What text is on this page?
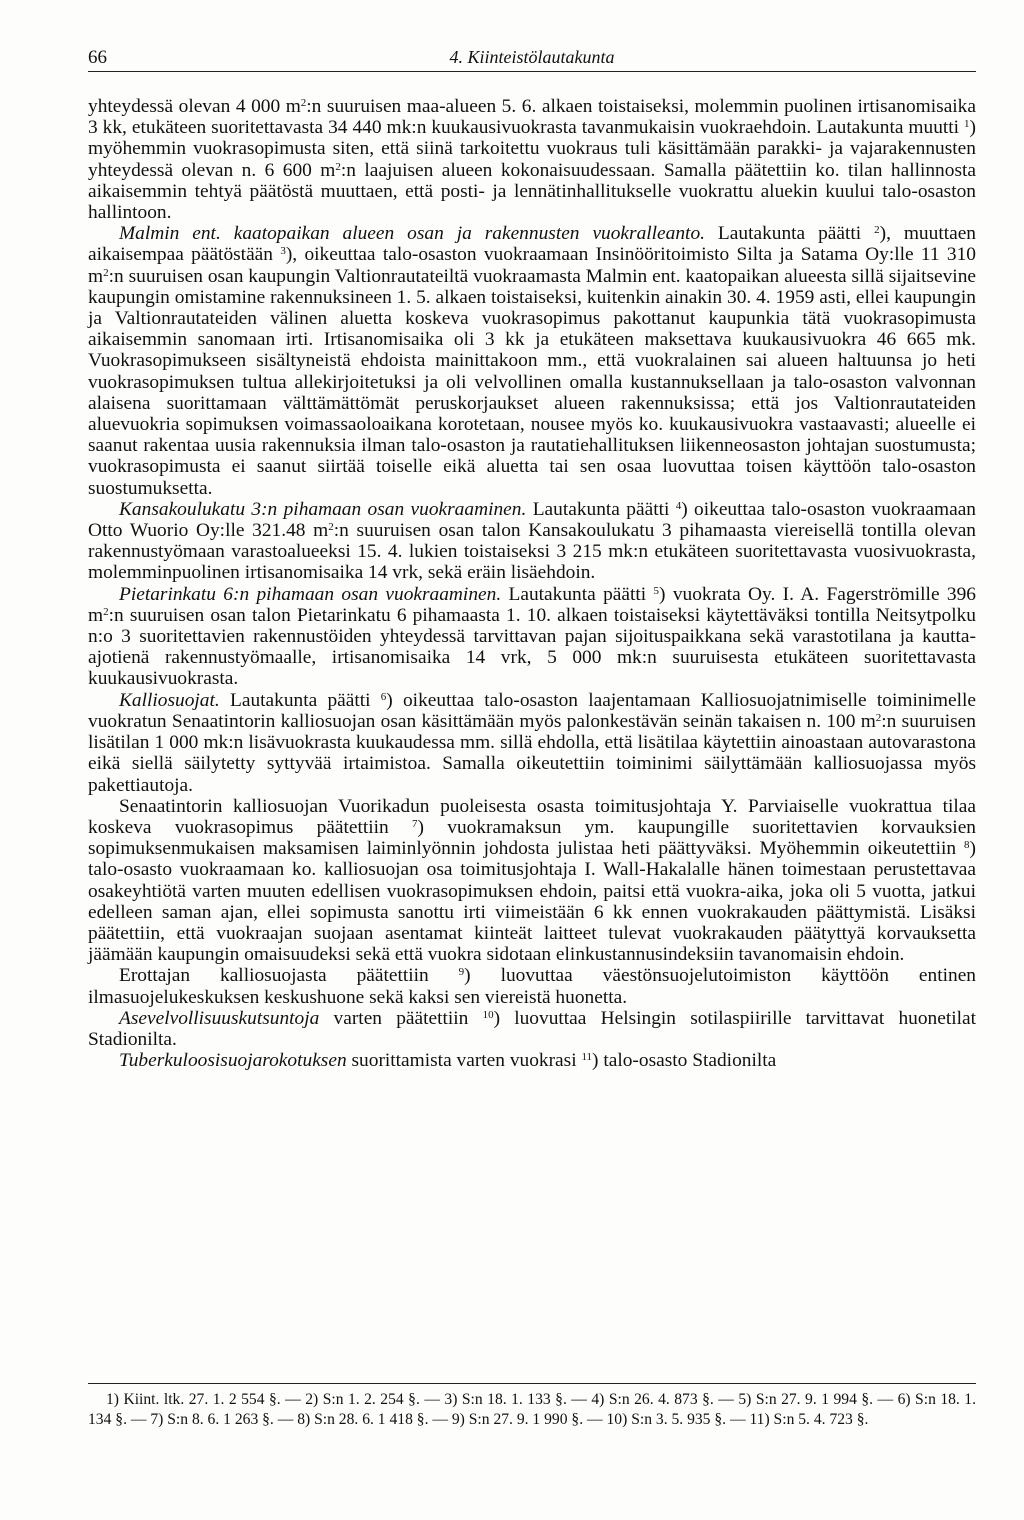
66	4. Kiinteistölautakunta

yhteydessä olevan 4 000 $m^2:n$ suuruisen maa-alueen 5. 6. alkaen toistaiseksi, molemmin puolinen irtisanomisaika 3 kk, etukäteen suoritettavasta 34 440 mk:n kuukausivuokrasta tavanmukaisin vuokraehdoin. Lautakunta muutti $^1$) myöhemmin vuokrasopimusta siten, että siinä tarkoitettu vuokraus tuli käsittämään parakki- ja vajarakennusten yhteydessä olevan n. 6 600 $m^2:n$ laajuisen alueen kokonaisuudessaan. Samalla päätettiin ko. tilan hallinnosta aikaisemmin tehtyä päätöstä muuttaen, että posti- ja lennätinhallitukselle vuokrattu aluekin kuului talo-osaston hallintoon.

Malmin ent. kaatopaikan alueen osan ja rakennusten vuokralleanto. Lautakunta päätti $^2$), muuttaen aikaisempaa päätöstään $^3$), oikeuttaa talo-osaston vuokraamaan Insinööritoimisto Silta ja Satama Oy:lle 11 310 $m^2:n$ suuruisen osan kaupungin Valtionrautateiltä vuokraamasta Malmin ent. kaatopaikan alueesta sillä sijaitsevine kaupungin omistamine rakennuksineen 1. 5. alkaen toistaiseksi, kuitenkin ainakin 30. 4. 1959 asti, ellei kaupungin ja Valtionrautateiden välinen aluetta koskeva vuokrasopimus pakottanut kaupunkia tätä vuokrasopimusta aikaisemmin sanomaan irti. Irtisanomisaika oli 3 kk ja etukäteen maksettava kuukausivuokra 46 665 mk. Vuokrasopimukseen sisältyneistä ehdoista mainittakoon mm., että vuokralainen sai alueen haltuunsa jo heti vuokrasopimuksen tultua allekirjoitetuksi ja oli velvollinen omalla kustannuksellaan ja talo-osaston valvonnan alaisena suorittamaan välttämättömät peruskorjaukset alueen rakennuksissa; että jos Valtionrautateiden aluevuokria sopimuksen voimassaoloaikana korotetaan, nousee myös ko. kuukausivuokra vastaavasti; alueelle ei saanut rakentaa uusia rakennuksia ilman talo-osaston ja rautatiehallituksen liikenneosaston johtajan suostumusta; vuokrasopimusta ei saanut siirtää toiselle eikä aluetta tai sen osaa luovuttaa toisen käyttöön talo-osaston suostumuksetta.

Kansakoulukatu 3:n pihamaan osan vuokraaminen. Lautakunta päätti $^4$) oikeuttaa talo-osaston vuokraamaan Otto Wuorio Oy:lle 321.48 $m^2:n$ suuruisen osan talon Kansakoulukatu 3 pihamaasta viereisellä tontilla olevan rakennustyömaan varastoalueeksi 15. 4. lukien toistaiseksi 3 215 mk:n etukäteen suoritettavasta vuosivuokrasta, molemminpuolinen irtisanomisaika 14 vrk, sekä eräin lisäehdoin.

Pietarinkatu 6:n pihamaan osan vuokraaminen. Lautakunta päätti $^5$) vuokrata Oy. I. A. Fagerströmille 396 $m^2:n$ suuruisen osan talon Pietarinkatu 6 pihamaasta 1. 10. alkaen toistaiseksi käytettäväksi tontilla Neitsytpolku n:o 3 suoritettavien rakennustöiden yhteydessä tarvittavan pajan sijoituspaikkana sekä varastotilana ja kautta-ajotienä rakennustyömaalle, irtisanomisaika 14 vrk, 5 000 mk:n suuruisesta etukäteen suoritettavasta kuukausivuokrasta.

Kalliosuojat. Lautakunta päätti $^6$) oikeuttaa talo-osaston laajentamaan Kalliosuojatnimiselle toiminimelle vuokratun Senaatintorin kalliosuojan osan käsittämään myös palonkestävän seinän takaisen n. 100 $m^2:n$ suuruisen lisätilan 1 000 mk:n lisävuokrasta kuukaudessa mm. sillä ehdolla, että lisätilaa käytettiin ainoastaan autovarastona eikä siellä säilytetty syttyvää irtaimistoa. Samalla oikeutettiin toiminimi säilyttämään kalliosuojassa myös pakettiautoja.

Senaatintorin kalliosuojan Vuorikadun puoleisesta osasta toimitusjohtaja Y. Parviaiselle vuokrattua tilaa koskeva vuokrasopimus päätettiin $^7$) vuokramaksun ym. kaupungille suoritettavien korvauksien sopimuksenmukaisen maksamisen laiminlyönnin johdosta julistaa heti päättyväksi. Myöhemmin oikeutettiin $^8$) talo-osasto vuokraamaan ko. kalliosuojan osa toimitusjohtaja I. Wall-Hakalalle hänen toimestaan perustettavaa osakeyhtiötä varten muuten edellisen vuokrasopimuksen ehdoin, paitsi että vuokra-aika, joka oli 5 vuotta, jatkui edelleen saman ajan, ellei sopimusta sanottu irti viimeistään 6 kk ennen vuokrakauden päättymistä. Lisäksi päätettiin, että vuokraajan suojaan asentamat kiinteät laitteet tulevat vuokrakauden päätyttyä korvauksetta jäämään kaupungin omaisuudeksi sekä että vuokra sidotaan elinkustannusindeksiin tavanomaisin ehdoin.

Erottajan kalliosuojasta päätettiin $^9$) luovuttaa väestönsuojelutoimiston käyttöön entinen ilmasuojelukeskuksen keskushuone sekä kaksi sen viereistä huonetta.

Asevelvollisuuskutsuntoja varten päätettiin $^{10}$) luovuttaa Helsingin sotilaspiirille tarvittavat huonetilat Stadionilta.

Tuberkuloosisuojarokotuksen suorittamista varten vuokrasi $^{11}$) talo-osasto Stadionilta

1) Kiint. ltk. 27. 1. 2 554 §. — 2) S:n 1. 2. 254 §. — 3) S:n 18. 1. 133 §. — 4) S:n 26. 4. 873 §. — 5) S:n 27. 9. 1 994 §. — 6) S:n 18. 1. 134 §. — 7) S:n 8. 6. 1 263 §. — 8) S:n 28. 6. 1 418 §. — 9) S:n 27. 9. 1 990 §. — 10) S:n 3. 5. 935 §. — 11) S:n 5. 4. 723 §.
